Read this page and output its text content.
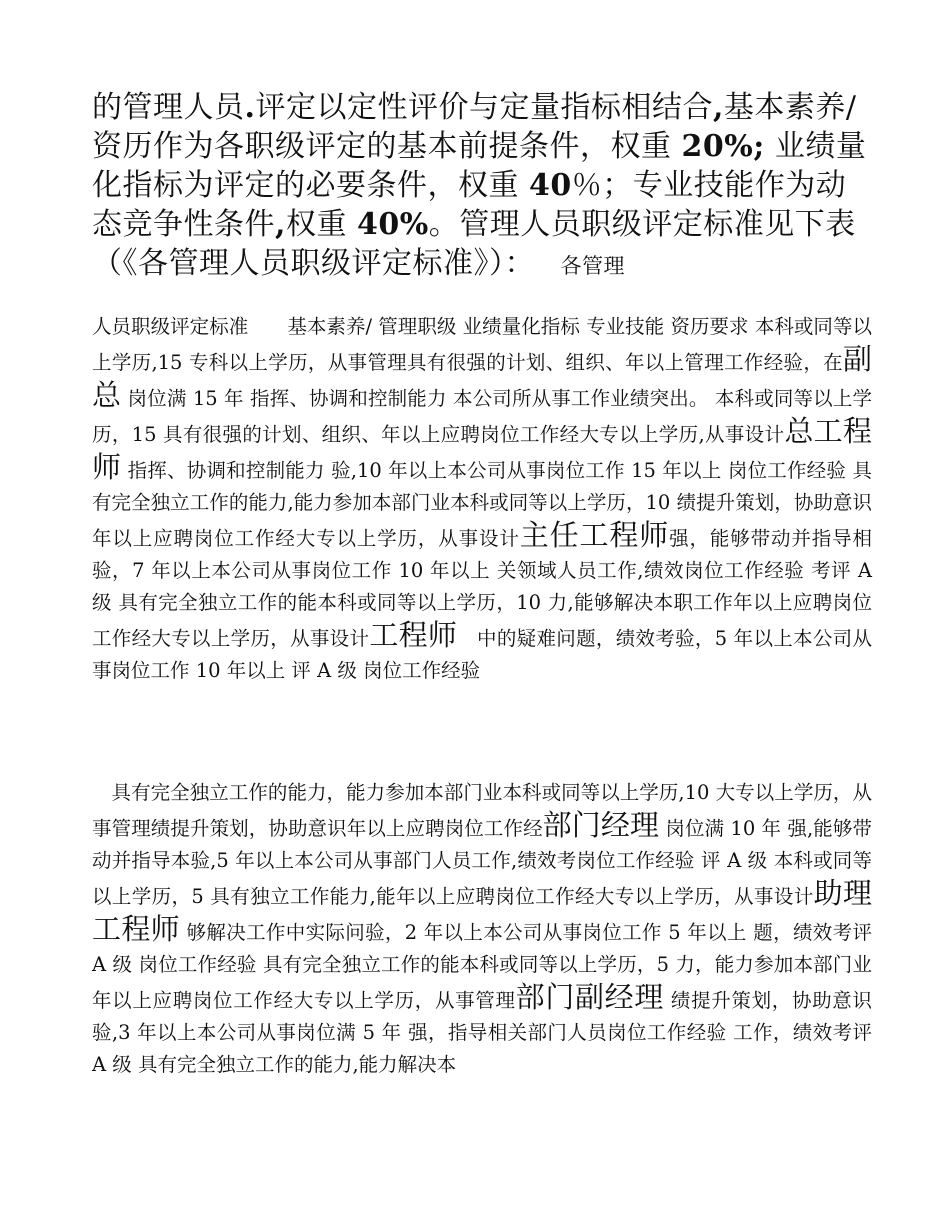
的管理人员.评定以定性评价与定量指标相结合,基本素养/资历作为各职级评定的基本前提条件，权重 20%; 业绩量化指标为评定的必要条件，权重 40％；专业技能作为动态竞争性条件,权重 40%。管理人员职级评定标准见下表（《各管理人员职级评定标准》）：　 各管理
人员职级评定标准　　基本素养/ 管理职级 业绩量化指标 专业技能 资历要求 本科或同等以上学历,15 专科以上学历，从事管理具有很强的计划、组织、年以上管理工作经验，在副总 岗位满 15 年 指挥、协调和控制能力 本公司所从事工作业绩突出。 本科或同等以上学历，15 具有很强的计划、组织、年以上应聘岗位工作经大专以上学历,从事设计总工程师 指挥、协调和控制能力 验,10 年以上本公司从事岗位工作 15 年以上 岗位工作经验 具有完全独立工作的能力,能力参加本部门业本科或同等以上学历，10 绩提升策划，协助意识年以上应聘岗位工作经大专以上学历，从事设计主任工程师强，能够带动并指导相验，7 年以上本公司从事岗位工作 10 年以上 关领域人员工作,绩效岗位工作经验 考评 A 级 具有完全独立工作的能本科或同等以上学历，10 力,能够解决本职工作年以上应聘岗位工作经大专以上学历，从事设计工程师　中的疑难问题，绩效考验，5 年以上本公司从事岗位工作 10 年以上 评 A 级 岗位工作经验
　具有完全独立工作的能力，能力参加本部门业本科或同等以上学历,10 大专以上学历，从事管理绩提升策划，协助意识年以上应聘岗位工作经部门经理 岗位满 10 年 强,能够带动并指导本验,5 年以上本公司从事部门人员工作,绩效考岗位工作经验 评 A 级 本科或同等以上学历，5 具有独立工作能力,能年以上应聘岗位工作经大专以上学历，从事设计助理工程师 够解决工作中实际问验，2 年以上本公司从事岗位工作 5 年以上 题，绩效考评 A 级 岗位工作经验 具有完全独立工作的能本科或同等以上学历，5 力，能力参加本部门业年以上应聘岗位工作经大专以上学历，从事管理部门副经理 绩提升策划，协助意识验,3 年以上本公司从事岗位满 5 年 强，指导相关部门人员岗位工作经验 工作，绩效考评 A 级 具有完全独立工作的能力,能力解决本
